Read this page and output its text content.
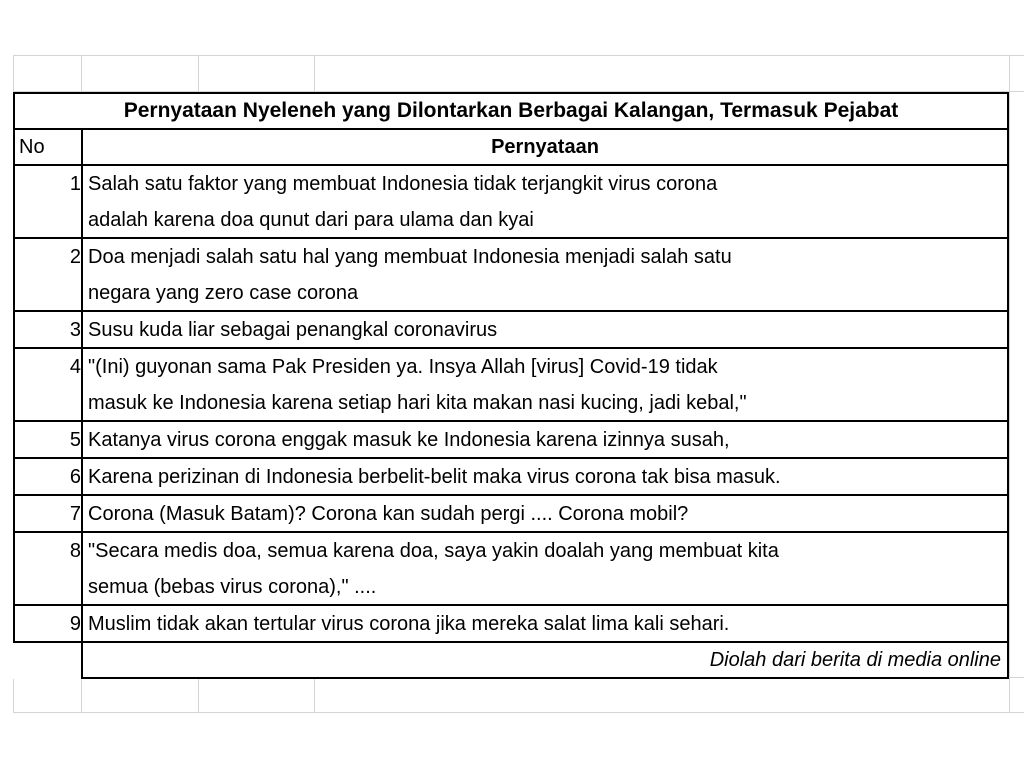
Pernyataan Nyeleneh yang Dilontarkan Berbagai Kalangan, Termasuk Pejabat
No	Pernyataan
1 Salah satu faktor yang membuat Indonesia tidak terjangkit virus corona
adalah karena doa qunut dari para ulama dan kyai
2 Doa menjadi salah satu hal yang membuat Indonesia menjadi salah satu
negara yang zero case corona
3 Susu kuda liar sebagai penangkal coronavirus
4 "(Ini) guyonan sama Pak Presiden ya. Insya Allah [virus] Covid-19 tidak
masuk ke Indonesia karena setiap hari kita makan nasi kucing, jadi kebal,"
5 Katanya virus corona enggak masuk ke Indonesia karena izinnya susah,
6 Karena perizinan di Indonesia berbelit-belit maka virus corona tak bisa masuk.
7 Corona (Masuk Batam)? Corona kan sudah pergi .... Corona mobil?
8 "Secara medis doa, semua karena doa, saya yakin doalah yang membuat kita
semua (bebas virus corona)," ....
9 Muslim tidak akan tertular virus corona jika mereka salat lima kali sehari.
Diolah dari berita di media online
